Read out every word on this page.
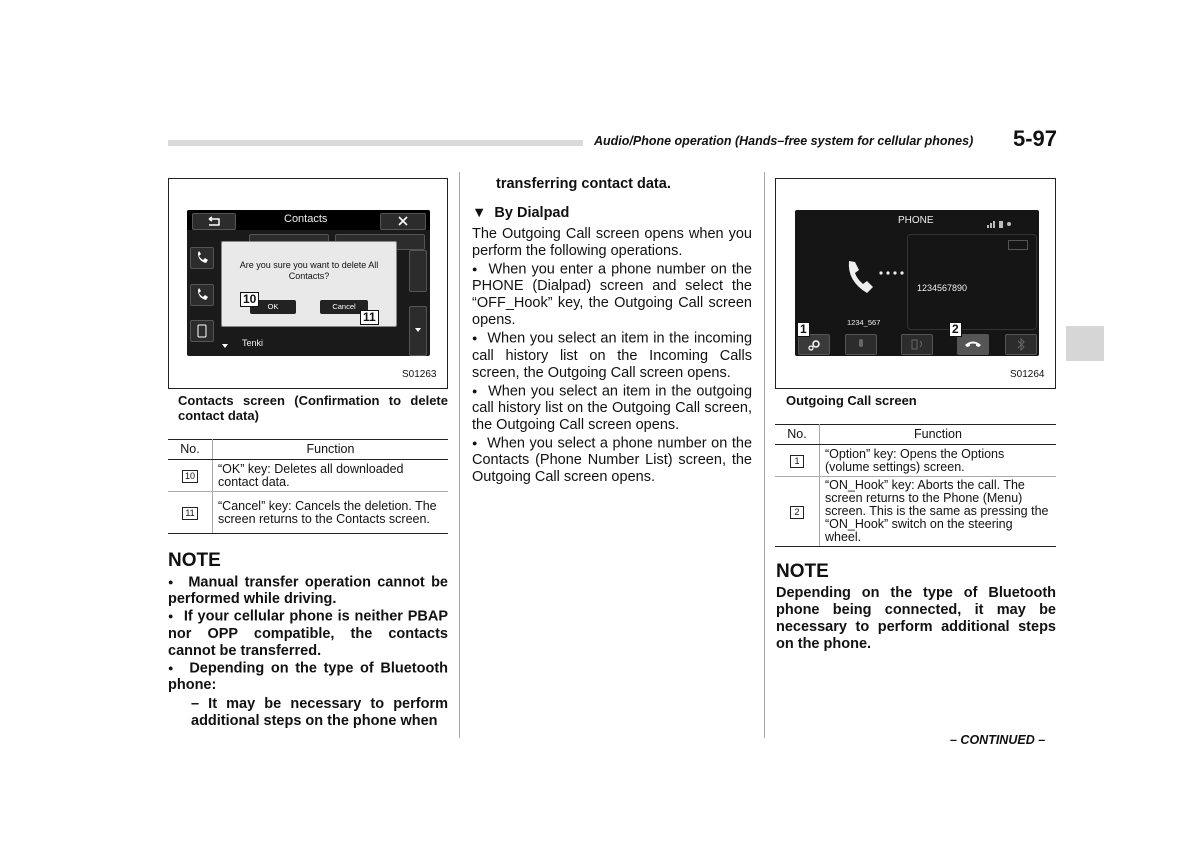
Audio/Phone operation (Hands–free system for cellular phones) 5-97
Contacts
Tenki
Are you sure you want to delete All Contacts?
OK	Cancel
10
11
S01263
Contacts screen (Confirmation to delete contact data)
No.	Function
10	“OK” key: Deletes all downloaded contact data.
11	“Cancel” key: Cancels the deletion. The screen returns to the Contacts screen.
NOTE

● Manual transfer operation cannot be performed while driving.

● If your cellular phone is neither PBAP nor OPP compatible, the contacts cannot be transferred.

● Depending on the type of Bluetooth phone:

– It may be necessary to perform additional steps on the phone when

transferring contact data.
▼ By Dialpad

The Outgoing Call screen opens when you perform the following operations.

● When you enter a phone number on the PHONE (Dialpad) screen and select the “OFF_Hook” key, the Outgoing Call screen opens.

● When you select an item in the incoming call history list on the Incoming Calls screen, the Outgoing Call screen opens.

● When you select an item in the outgoing call history list on the Outgoing Call screen, the Outgoing Call screen opens.

● When you select a phone number on the Contacts (Phone Number List) screen, the Outgoing Call screen opens.

PHONE
1234567890
1234_567
1	2
S01264
Outgoing Call screen
No.	Function
1	“Option” key: Opens the Options (volume settings) screen.
2	“ON_Hook” key: Aborts the call. The screen returns to the Phone (Menu) screen. This is the same as pressing the “ON_Hook” switch on the steering wheel.
NOTE
Depending on the type of Bluetooth phone being connected, it may be necessary to perform additional steps on the phone.
– CONTINUED –
